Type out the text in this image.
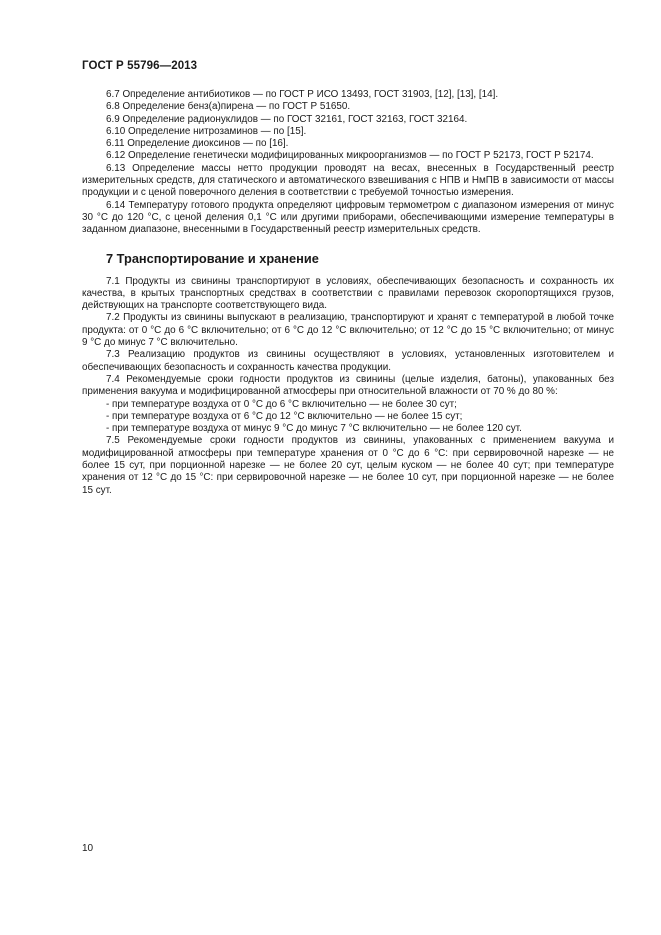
ГОСТ Р 55796—2013

6.7 Определение антибиотиков — по ГОСТ Р ИСО 13493, ГОСТ 31903, [12], [13], [14].

6.8 Определение бенз(а)пирена — по ГОСТ Р 51650.

6.9 Определение радионуклидов — по ГОСТ 32161, ГОСТ 32163, ГОСТ 32164.

6.10 Определение нитрозаминов — по [15].

6.11 Определение диоксинов — по [16].

6.12 Определение генетически модифицированных микроорганизмов — по ГОСТ Р 52173, ГОСТ Р 52174.

6.13 Определение массы нетто продукции проводят на весах, внесенных в Государственный реестр измерительных средств, для статического и автоматического взвешивания с НПВ и НмПВ в зависимости от массы продукции и с ценой поверочного деления в соответствии с требуемой точностью измерения.

6.14 Температуру готового продукта определяют цифровым термометром с диапазоном измерения от минус 30 °С до 120 °С, с ценой деления 0,1 °С или другими приборами, обеспечивающими измерение температуры в заданном диапазоне, внесенными в Государственный реестр измерительных средств.

7 Транспортирование и хранение

7.1 Продукты из свинины транспортируют в условиях, обеспечивающих безопасность и сохранность их качества, в крытых транспортных средствах в соответствии с правилами перевозок скоропортящихся грузов, действующих на транспорте соответствующего вида.

7.2 Продукты из свинины выпускают в реализацию, транспортируют и хранят с температурой в любой точке продукта: от 0 °С до 6 °С включительно; от 6 °С до 12 °С включительно; от 12 °С до 15 °С включительно; от минус 9 °С до минус 7 °С включительно.

7.3 Реализацию продуктов из свинины осуществляют в условиях, установленных изготовителем и обеспечивающих безопасность и сохранность качества продукции.

7.4 Рекомендуемые сроки годности продуктов из свинины (целые изделия, батоны), упакованных без применения вакуума и модифицированной атмосферы при относительной влажности от 70 % до 80 %:

- при температуре воздуха от 0 °С до 6 °С включительно — не более 30 сут;

- при температуре воздуха от 6 °С до 12 °С включительно — не более 15 сут;

- при температуре воздуха от минус 9 °С до минус 7 °С включительно — не более 120 сут.

7.5 Рекомендуемые сроки годности продуктов из свинины, упакованных с применением вакуума и модифицированной атмосферы при температуре хранения от 0 °С до 6 °С: при сервировочной нарезке — не более 15 сут, при порционной нарезке — не более 20 сут, целым куском — не более 40 сут; при температуре хранения от 12 °С до 15 °С: при сервировочной нарезке — не более 10 сут, при порционной нарезке — не более 15 сут.

10
